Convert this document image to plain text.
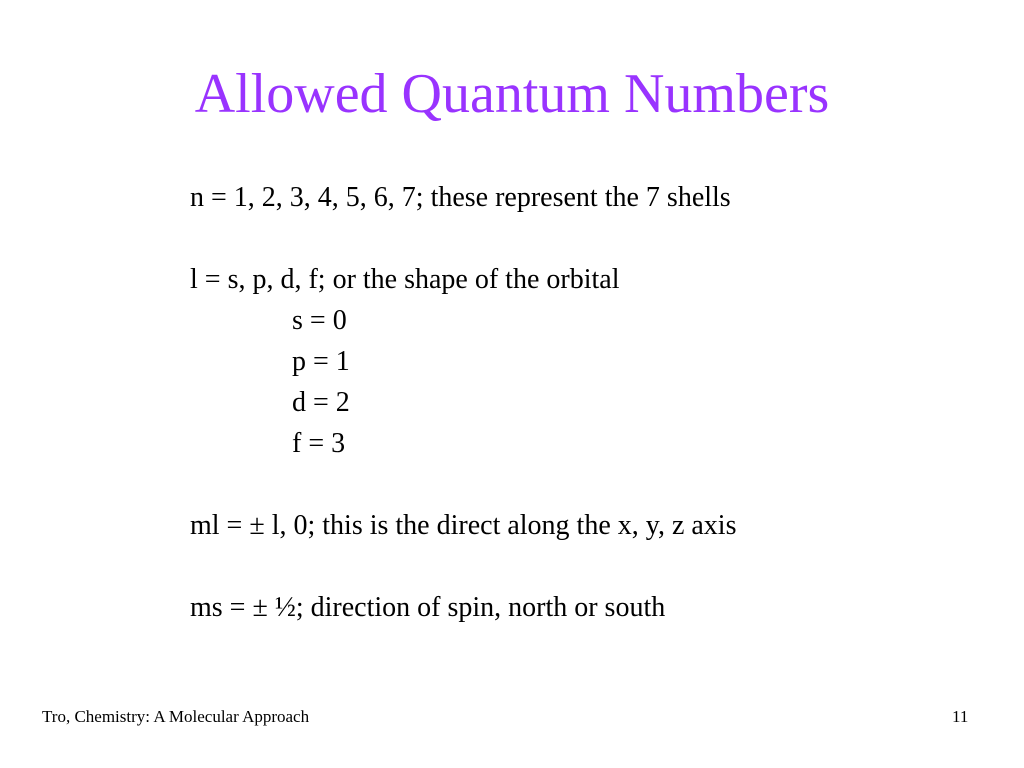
Allowed Quantum Numbers
n = 1, 2, 3, 4, 5, 6, 7; these represent the 7 shells
l = s, p, d, f; or the shape of the orbital
s = 0
p = 1
d = 2
f = 3
ml = ± l, 0; this is the direct along the x, y, z axis
ms = ± ½; direction of spin, north or south
Tro, Chemistry: A Molecular Approach	11
